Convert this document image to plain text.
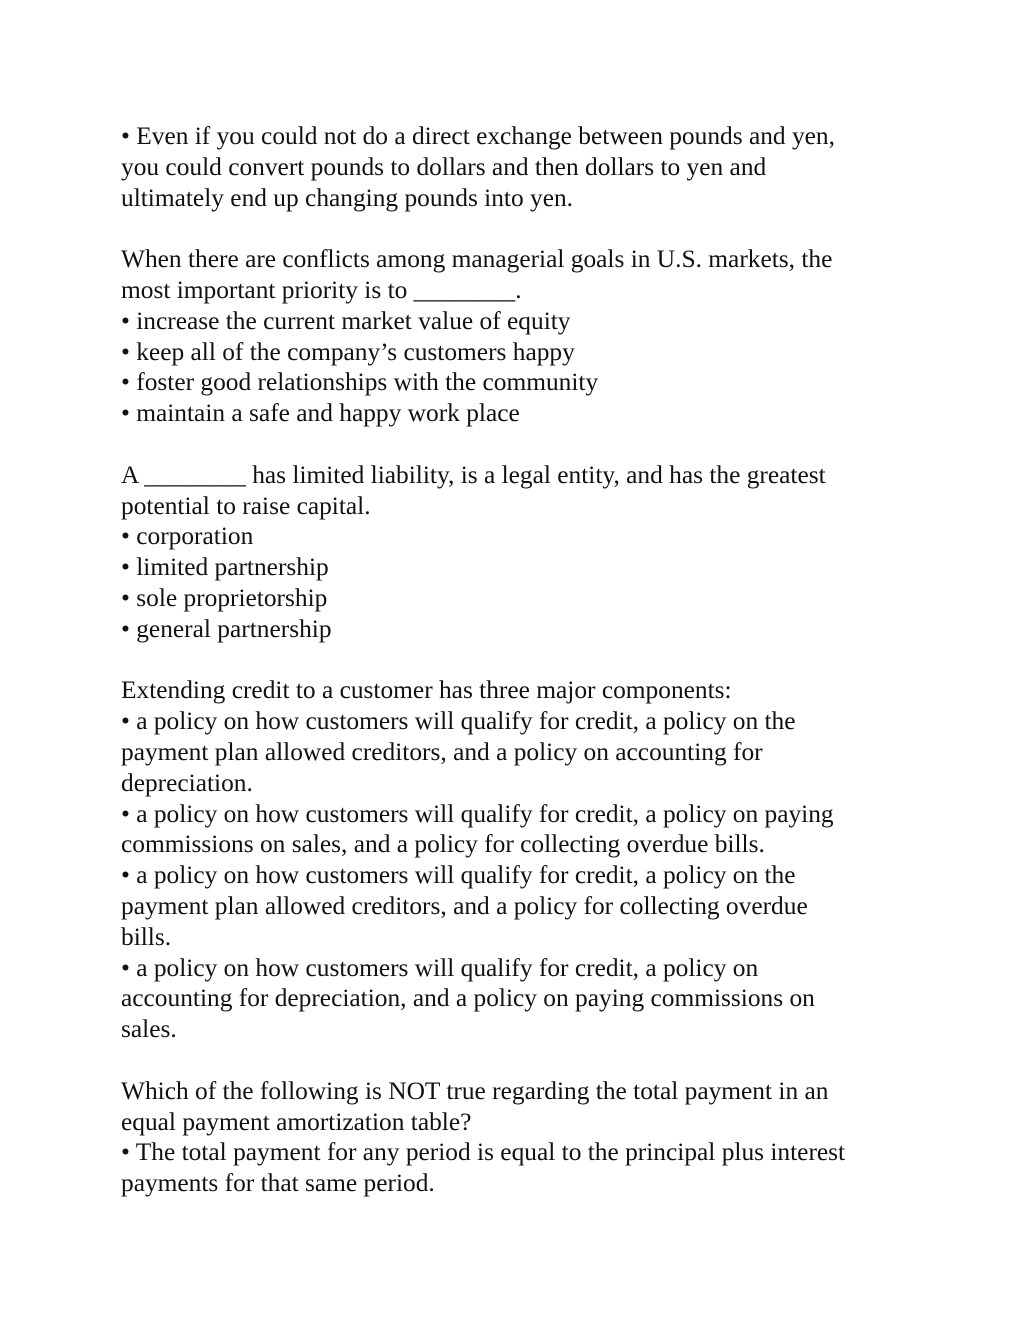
• Even if you could not do a direct exchange between pounds and yen,
you could convert pounds to dollars and then dollars to yen and
ultimately end up changing pounds into yen.
When there are conflicts among managerial goals in U.S. markets, the
most important priority is to ________.
• increase the current market value of equity
• keep all of the company’s customers happy
• foster good relationships with the community
• maintain a safe and happy work place
A ________ has limited liability, is a legal entity, and has the greatest
potential to raise capital.
• corporation
• limited partnership
• sole proprietorship
• general partnership
Extending credit to a customer has three major components:
• a policy on how customers will qualify for credit, a policy on the
payment plan allowed creditors, and a policy on accounting for
depreciation.
• a policy on how customers will qualify for credit, a policy on paying
commissions on sales, and a policy for collecting overdue bills.
• a policy on how customers will qualify for credit, a policy on the
payment plan allowed creditors, and a policy for collecting overdue
bills.
• a policy on how customers will qualify for credit, a policy on
accounting for depreciation, and a policy on paying commissions on
sales.
Which of the following is NOT true regarding the total payment in an
equal payment amortization table?
• The total payment for any period is equal to the principal plus interest
payments for that same period.
